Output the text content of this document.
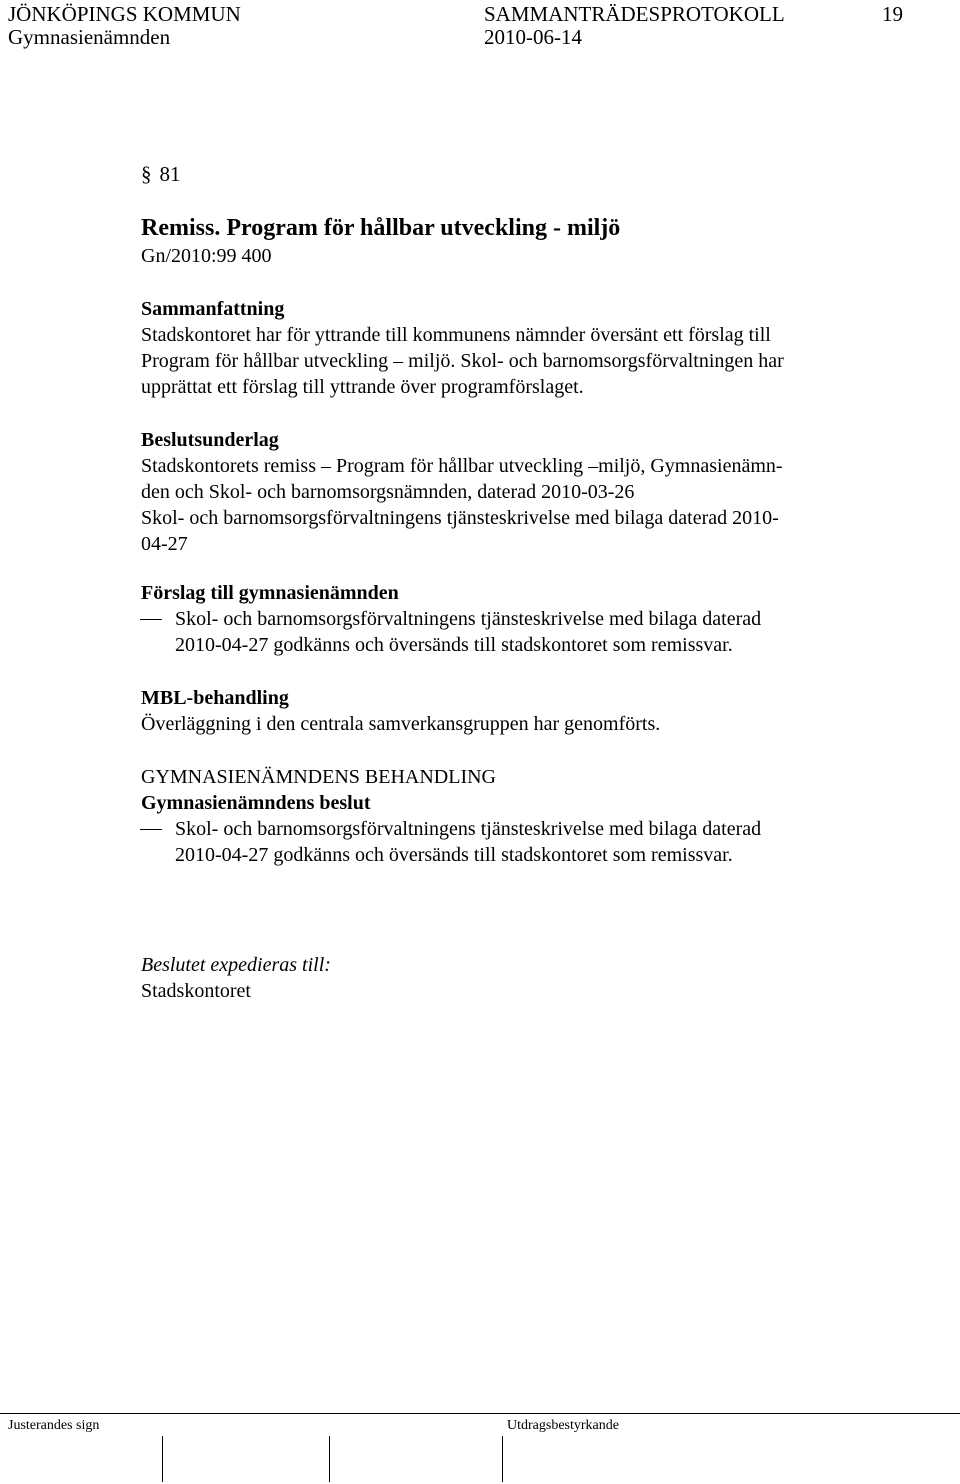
JÖNKÖPINGS KOMMUN	SAMMANTRÄDESPROTOKOLL	19
Gymnasienämnden	2010-06-14
§ 81
Remiss. Program för hållbar utveckling - miljö
Gn/2010:99 400
Sammanfattning
Stadskontoret har för yttrande till kommunens nämnder översänt ett förslag till
Program för hållbar utveckling – miljö. Skol- och barnomsorgsförvaltningen har
upprättat ett förslag till yttrande över programförslaget.
Beslutsunderlag
Stadskontorets remiss – Program för hållbar utveckling –miljö, Gymnasienämn-
den och Skol- och barnomsorgsnämnden, daterad 2010-03-26
Skol- och barnomsorgsförvaltningens tjänsteskrivelse med bilaga daterad 2010-
04-27
Förslag till gymnasienämnden
Skol- och barnomsorgsförvaltningens tjänsteskrivelse med bilaga daterad
2010-04-27 godkänns och översänds till stadskontoret som remissvar.
MBL-behandling
Överläggning i den centrala samverkansgruppen har genomförts.
GYMNASIENÄMNDENS BEHANDLING
Gymnasienämndens beslut
Skol- och barnomsorgsförvaltningens tjänsteskrivelse med bilaga daterad
2010-04-27 godkänns och översänds till stadskontoret som remissvar.
Beslutet expedieras till:
Stadskontoret
Justerandes sign	Utdragsbestyrkande
